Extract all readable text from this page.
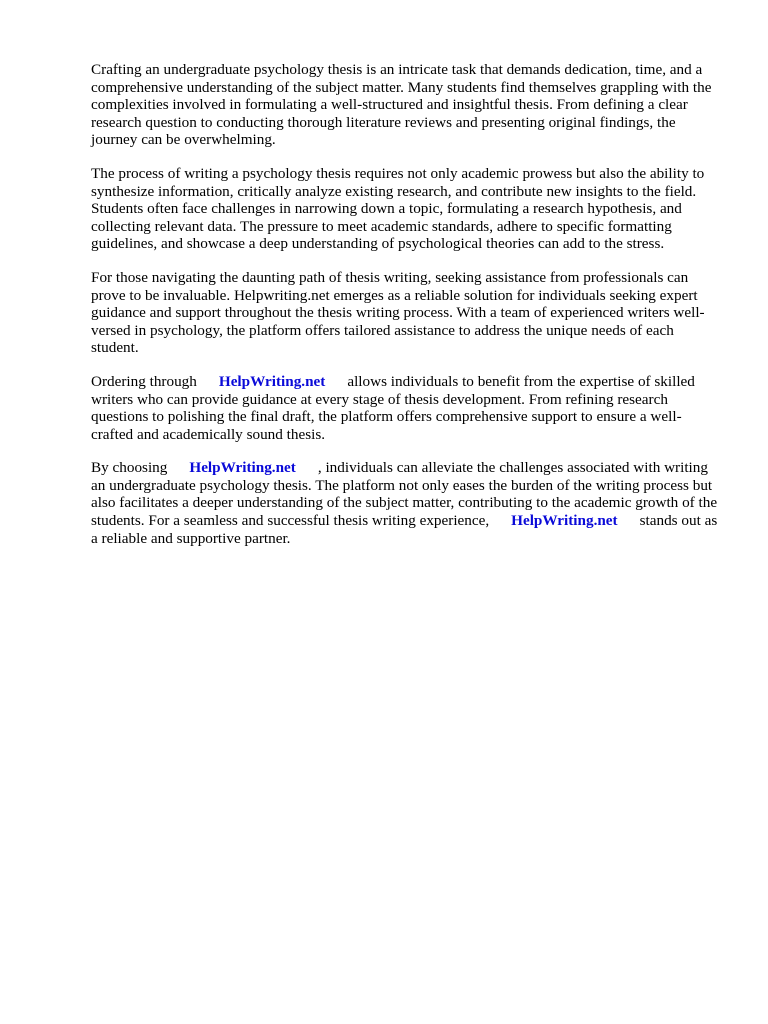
Crafting an undergraduate psychology thesis is an intricate task that demands dedication, time, and a comprehensive understanding of the subject matter. Many students find themselves grappling with the complexities involved in formulating a well-structured and insightful thesis. From defining a clear research question to conducting thorough literature reviews and presenting original findings, the journey can be overwhelming.

The process of writing a psychology thesis requires not only academic prowess but also the ability to synthesize information, critically analyze existing research, and contribute new insights to the field. Students often face challenges in narrowing down a topic, formulating a research hypothesis, and collecting relevant data. The pressure to meet academic standards, adhere to specific formatting guidelines, and showcase a deep understanding of psychological theories can add to the stress.

For those navigating the daunting path of thesis writing, seeking assistance from professionals can prove to be invaluable. Helpwriting.net emerges as a reliable solution for individuals seeking expert guidance and support throughout the thesis writing process. With a team of experienced writers well-versed in psychology, the platform offers tailored assistance to address the unique needs of each student.

Ordering through HelpWriting.net allows individuals to benefit from the expertise of skilled writers who can provide guidance at every stage of thesis development. From refining research questions to polishing the final draft, the platform offers comprehensive support to ensure a well-crafted and academically sound thesis.

By choosing HelpWriting.net , individuals can alleviate the challenges associated with writing an undergraduate psychology thesis. The platform not only eases the burden of the writing process but also facilitates a deeper understanding of the subject matter, contributing to the academic growth of the students. For a seamless and successful thesis writing experience, HelpWriting.net stands out as a reliable and supportive partner.
